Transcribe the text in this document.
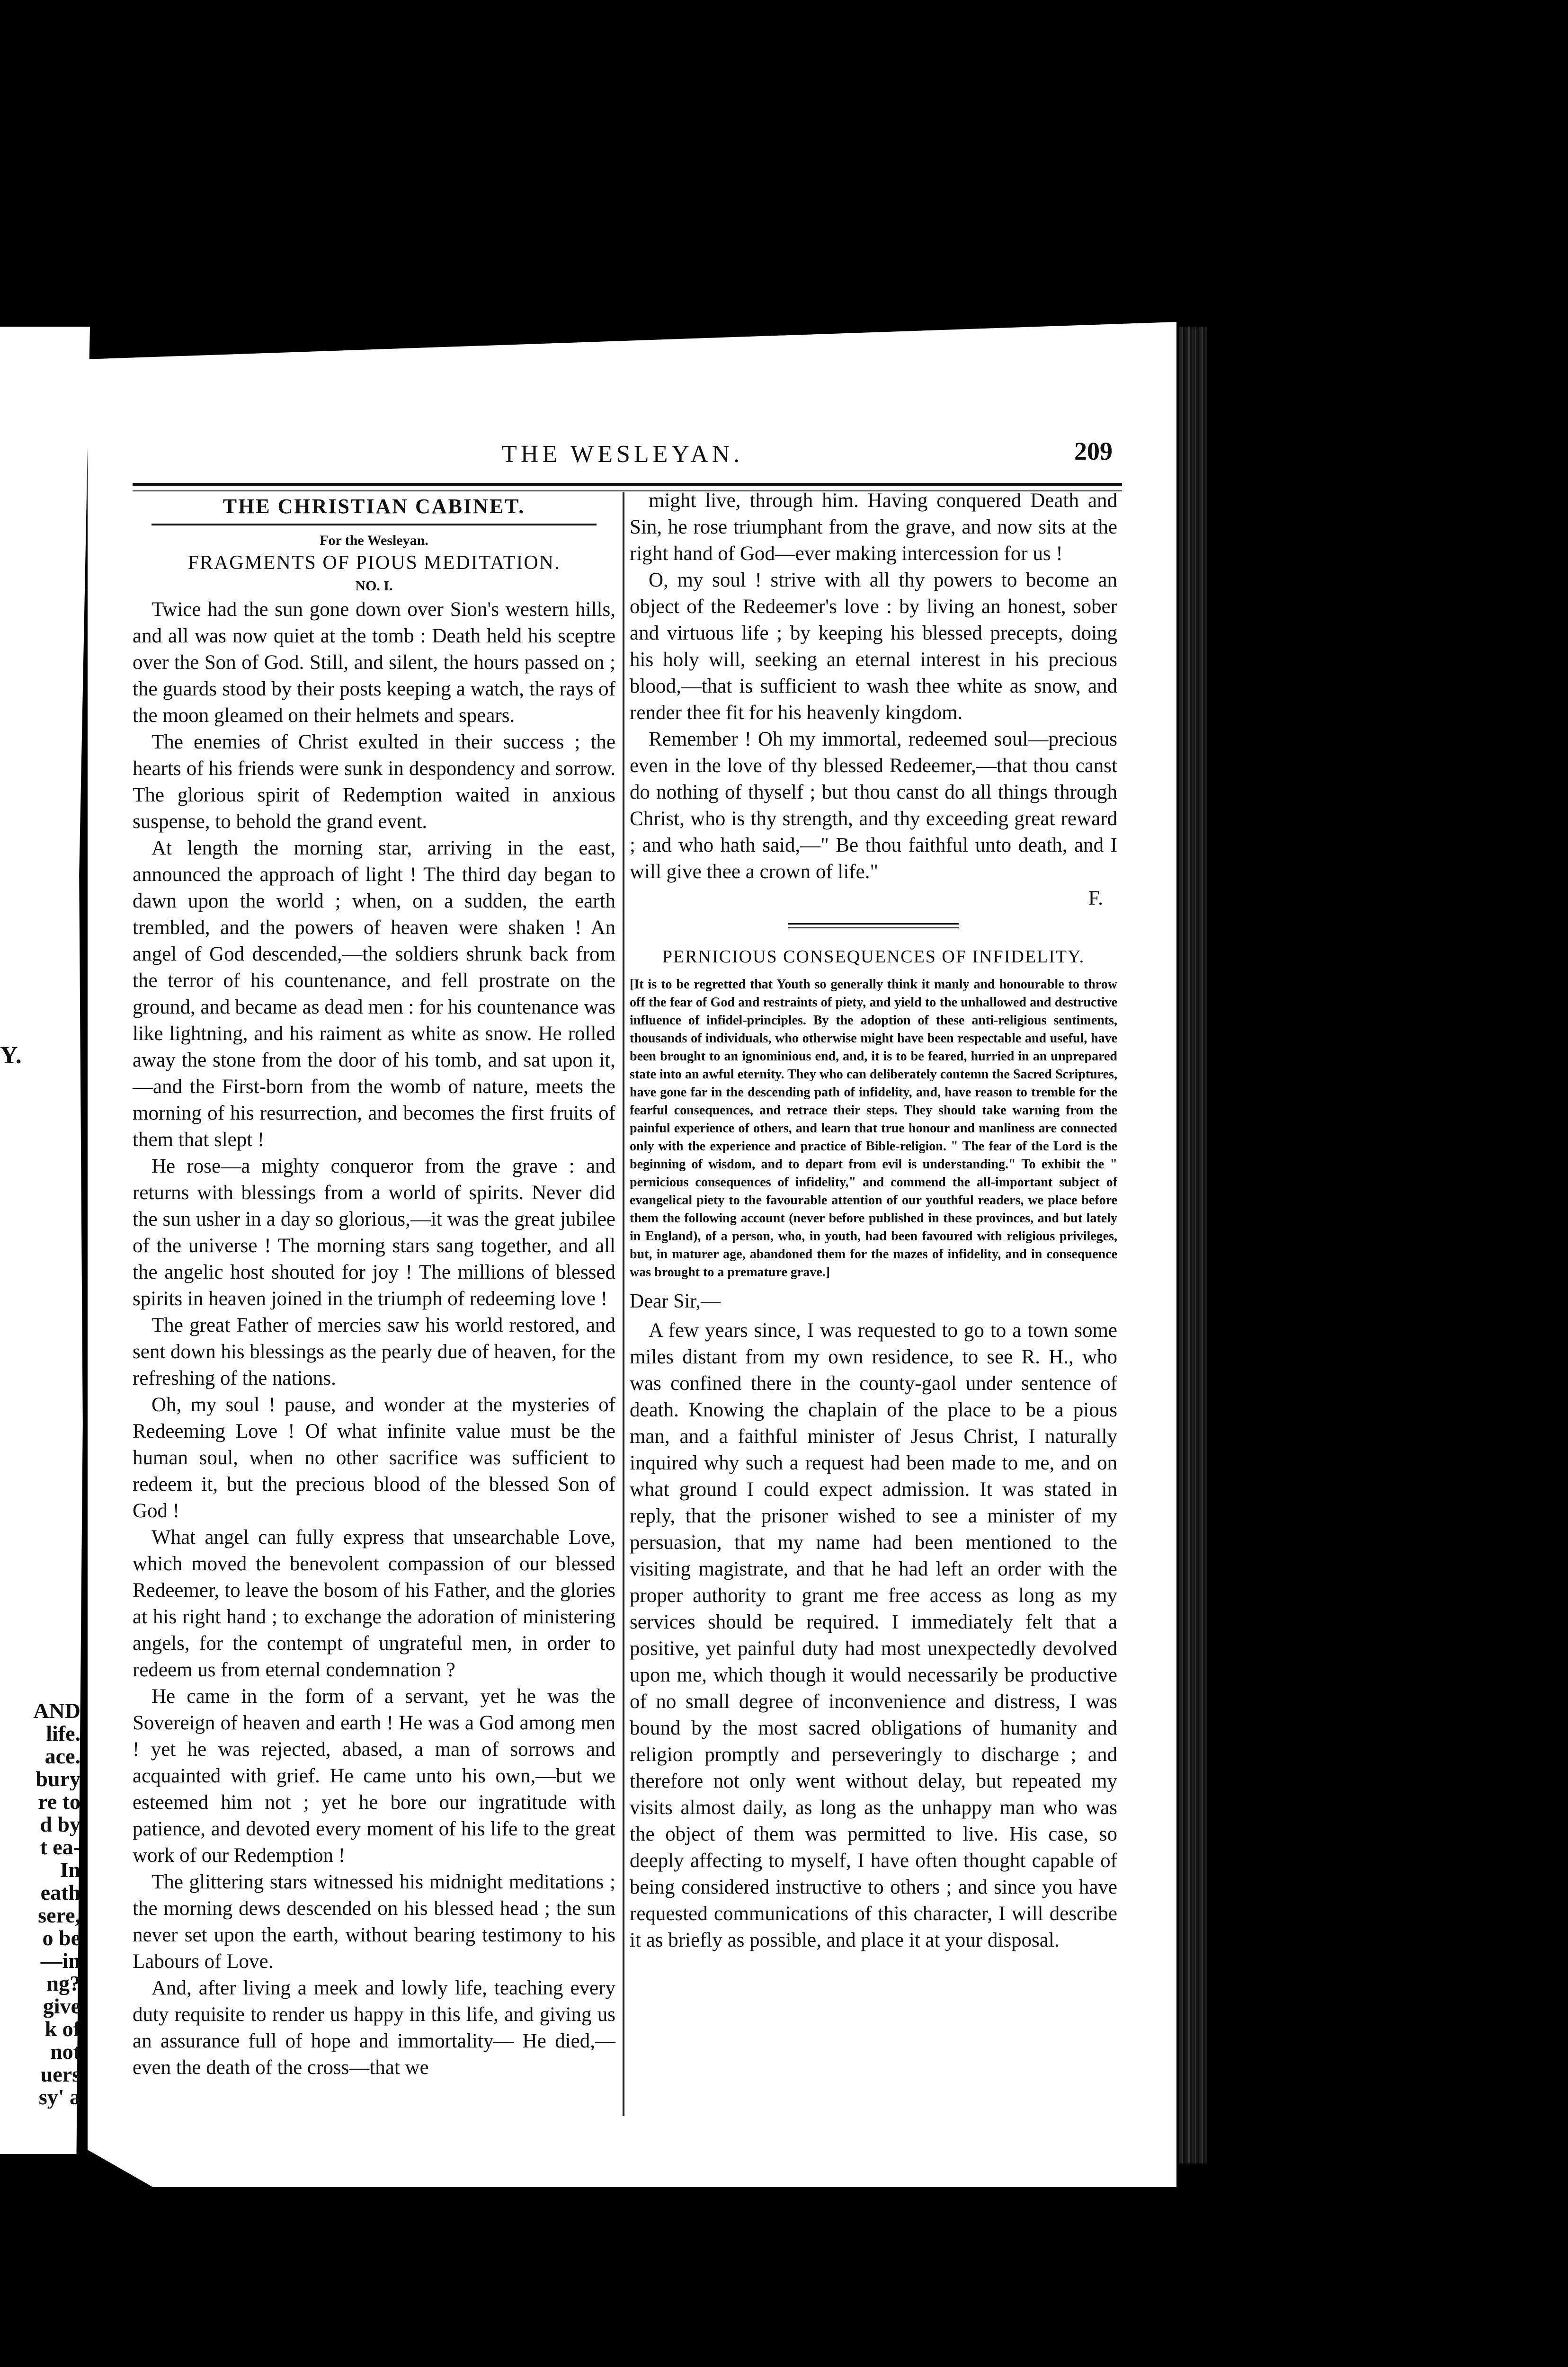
Y.
AND
life.
ace.
bury
re to
d by
t ea-
In
eath
sere,
o be
—in
ng?
give
k of
not
uers
sy' a
THE WESLEYAN.	209
THE CHRISTIAN CABINET.
For the Wesleyan.
FRAGMENTS OF PIOUS MEDITATION.
NO. I.

Twice had the sun gone down over Sion's western hills, and all was now quiet at the tomb : Death held his sceptre over the Son of God. Still, and silent, the hours passed on ; the guards stood by their posts keeping a watch, the rays of the moon gleamed on their helmets and spears.

The enemies of Christ exulted in their success ; the hearts of his friends were sunk in despondency and sorrow. The glorious spirit of Redemption waited in anxious suspense, to behold the grand event.

At length the morning star, arriving in the east, announced the approach of light ! The third day began to dawn upon the world ; when, on a sudden, the earth trembled, and the powers of heaven were shaken ! An angel of God descended,—the soldiers shrunk back from the terror of his countenance, and fell prostrate on the ground, and became as dead men : for his countenance was like lightning, and his raiment as white as snow. He rolled away the stone from the door of his tomb, and sat upon it,—and the First-born from the womb of nature, meets the morning of his resurrection, and becomes the first fruits of them that slept !

He rose—a mighty conqueror from the grave : and returns with blessings from a world of spirits. Never did the sun usher in a day so glorious,—it was the great jubilee of the universe ! The morning stars sang together, and all the angelic host shouted for joy ! The millions of blessed spirits in heaven joined in the triumph of redeeming love !

The great Father of mercies saw his world restored, and sent down his blessings as the pearly due of heaven, for the refreshing of the nations.

Oh, my soul ! pause, and wonder at the mysteries of Redeeming Love ! Of what infinite value must be the human soul, when no other sacrifice was sufficient to redeem it, but the precious blood of the blessed Son of God !

What angel can fully express that unsearchable Love, which moved the benevolent compassion of our blessed Redeemer, to leave the bosom of his Father, and the glories at his right hand ; to exchange the adoration of ministering angels, for the contempt of ungrateful men, in order to redeem us from eternal condemnation ?

He came in the form of a servant, yet he was the Sovereign of heaven and earth ! He was a God among men ! yet he was rejected, abased, a man of sorrows and acquainted with grief. He came unto his own,—but we esteemed him not ; yet he bore our ingratitude with patience, and devoted every moment of his life to the great work of our Redemption !

The glittering stars witnessed his midnight meditations ; the morning dews descended on his blessed head ; the sun never set upon the earth, without bearing testimony to his Labours of Love.

And, after living a meek and lowly life, teaching every duty requisite to render us happy in this life, and giving us an assurance full of hope and immortality— He died,—even the death of the cross—that we

might live, through him. Having conquered Death and Sin, he rose triumphant from the grave, and now sits at the right hand of God—ever making intercession for us !

O, my soul ! strive with all thy powers to become an object of the Redeemer's love : by living an honest, sober and virtuous life ; by keeping his blessed precepts, doing his holy will, seeking an eternal interest in his precious blood,—that is sufficient to wash thee white as snow, and render thee fit for his heavenly kingdom.

Remember ! Oh my immortal, redeemed soul—precious even in the love of thy blessed Redeemer,—that thou canst do nothing of thyself ; but thou canst do all things through Christ, who is thy strength, and thy exceeding great reward ; and who hath said,—" Be thou faithful unto death, and I will give thee a crown of life."

F.
PERNICIOUS CONSEQUENCES OF INFIDELITY.
[It is to be regretted that Youth so generally think it manly and honourable to throw off the fear of God and restraints of piety, and yield to the unhallowed and destructive influence of infidel-principles. By the adoption of these anti-religious sentiments, thousands of individuals, who otherwise might have been respectable and useful, have been brought to an ignominious end, and, it is to be feared, hurried in an unprepared state into an awful eternity. They who can deliberately contemn the Sacred Scriptures, have gone far in the descending path of infidelity, and, have reason to tremble for the fearful consequences, and retrace their steps. They should take warning from the painful experience of others, and learn that true honour and manliness are connected only with the experience and practice of Bible-religion. " The fear of the Lord is the beginning of wisdom, and to depart from evil is understanding." To exhibit the " pernicious consequences of infidelity," and commend the all-important subject of evangelical piety to the favourable attention of our youthful readers, we place before them the following account (never before published in these provinces, and but lately in England), of a person, who, in youth, had been favoured with religious privileges, but, in maturer age, abandoned them for the mazes of infidelity, and in consequence was brought to a premature grave.]
Dear Sir,—

A few years since, I was requested to go to a town some miles distant from my own residence, to see R. H., who was confined there in the county-gaol under sentence of death. Knowing the chaplain of the place to be a pious man, and a faithful minister of Jesus Christ, I naturally inquired why such a request had been made to me, and on what ground I could expect admission. It was stated in reply, that the prisoner wished to see a minister of my persuasion, that my name had been mentioned to the visiting magistrate, and that he had left an order with the proper authority to grant me free access as long as my services should be required. I immediately felt that a positive, yet painful duty had most unexpectedly devolved upon me, which though it would necessarily be productive of no small degree of inconvenience and distress, I was bound by the most sacred obligations of humanity and religion promptly and perseveringly to discharge ; and therefore not only went without delay, but repeated my visits almost daily, as long as the unhappy man who was the object of them was permitted to live. His case, so deeply affecting to myself, I have often thought capable of being considered instructive to others ; and since you have requested communications of this character, I will describe it as briefly as possible, and place it at your disposal.
